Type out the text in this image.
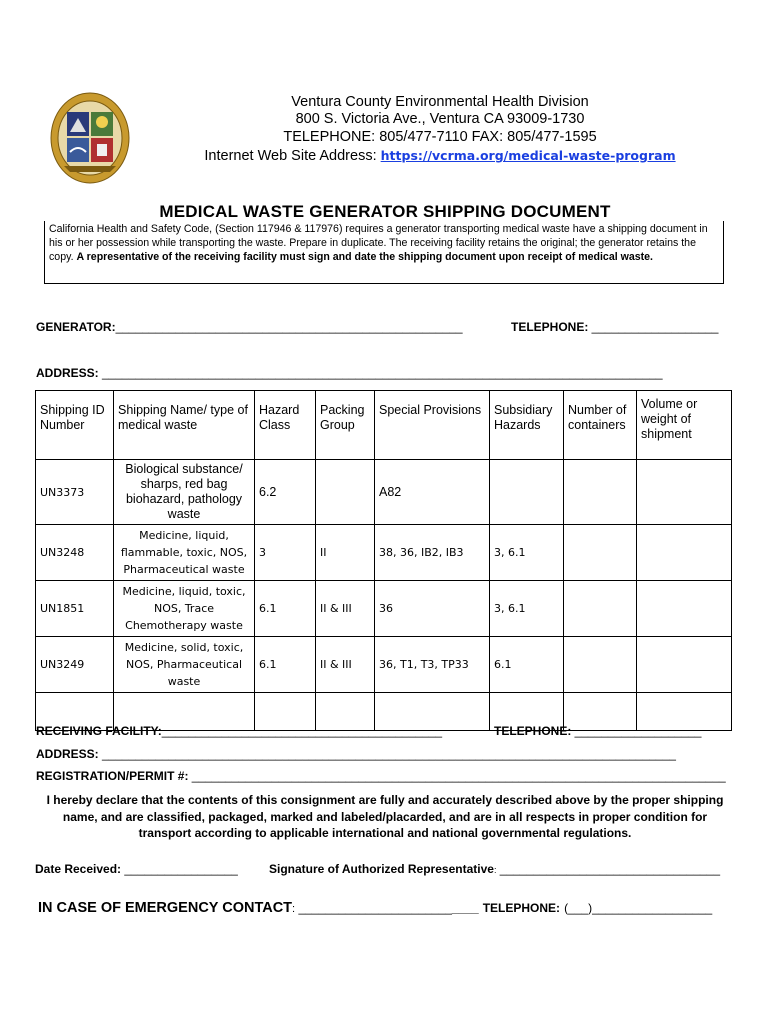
Ventura County Environmental Health Division
800 S. Victoria Ave., Ventura CA 93009-1730
TELEPHONE: 805/477-7110 FAX: 805/477-1595
Internet Web Site Address: https://vcrma.org/medical-waste-program
MEDICAL WASTE GENERATOR SHIPPING DOCUMENT
California Health and Safety Code, (Section 117946 & 117976) requires a generator transporting medical waste have a shipping document in his or her possession while transporting the waste. Prepare in duplicate. The receiving facility retains the original; the generator retains the copy. A representative of the receiving facility must sign and date the shipping document upon receipt of medical waste.
GENERATOR:____________________________________________________	TELEPHONE: ___________________
ADDRESS: ____________________________________________________________________________________
Shipping ID Number	Shipping Name/ type of medical waste	Hazard Class	Packing Group	Special Provisions	Subsidiary Hazards	Number of containers	Volume or weight of shipment
UN3373	Biological substance/ sharps, red bag biohazard, pathology waste	6.2		A82			
UN3248	Medicine, liquid, flammable, toxic, NOS, Pharmaceutical waste	3	II	38, 36, IB2, IB3	3, 6.1		
UN1851	Medicine, liquid, toxic, NOS, Trace Chemotherapy waste	6.1	II & III	36	3, 6.1		
UN3249	Medicine, solid, toxic, NOS, Pharmaceutical waste	6.1	II & III	36, T1, T3, TP33	6.1		

RECEIVING FACILITY:__________________________________________	TELEPHONE: ___________________
ADDRESS: ______________________________________________________________________________________
REGISTRATION/PERMIT #: ________________________________________________________________________________
I hereby declare that the contents of this consignment are fully and accurately described above by the proper shipping name, and are classified, packaged, marked and labeled/placarded, and are in all respects in proper condition for transport according to applicable international and national governmental regulations.
Date Received: _________________	Signature of Authorized Representative: _________________________________
IN CASE OF EMERGENCY CONTACT: ___________________________ TELEPHONE: (___)__________________
